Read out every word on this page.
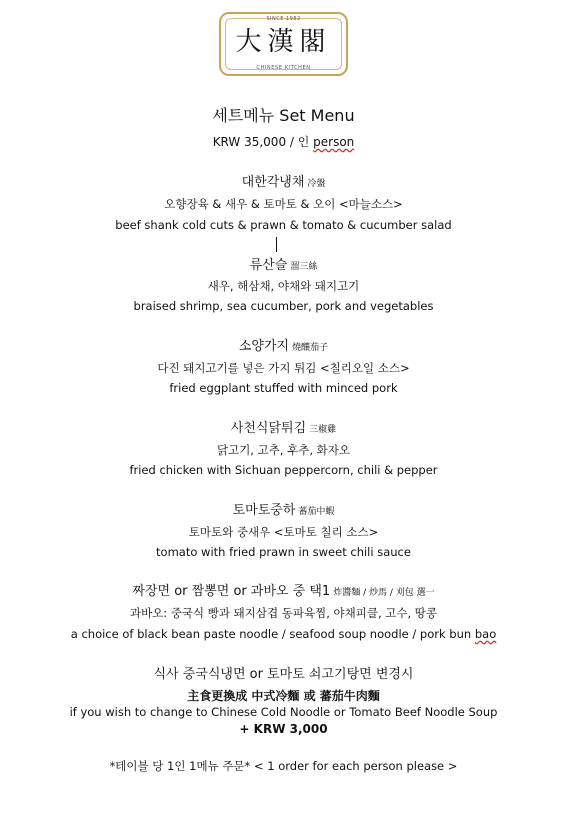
SINCE 1982
大漢閣
CHINESE KITCHEN
세트메뉴 Set Menu
KRW 35,000 / 인 person
대한각냉채 冷盤
오향장육 & 새우 & 토마토 & 오이 <마늘소스>
beef shank cold cuts & prawn & tomato & cucumber salad
류산슬 溜三絲
새우, 해삼채, 야채와 돼지고기
braised shrimp, sea cucumber, pork and vegetables
소양가지 燒釀茄子
다진 돼지고기를 넣은 가지 튀김 <칠리오일 소스>
fried eggplant stuffed with minced pork
사천식닭튀김 三椒雞
닭고기, 고추, 후추, 화자오
fried chicken with Sichuan peppercorn, chili & pepper
토마토중하 蕃茄中蝦
토마토와 중새우 <토마토 칠리 소스>
tomato with fried prawn in sweet chili sauce
짜장면 or 짬뽕면 or 과바오 중 택1 炸醬麵 / 炒馬 / 刈包 選一
과바오: 중국식 빵과 돼지삼겹 동파육찜, 야채피클, 고수, 땅콩
a choice of black bean paste noodle / seafood soup noodle / pork bun bao
식사 중국식냉면 or 토마토 쇠고기탕면 변경시
主食更換成 中式冷麵 或 蕃茄牛肉麵
if you wish to change to Chinese Cold Noodle or Tomato Beef Noodle Soup
+ KRW 3,000
*테이블 당 1인 1메뉴 주문* < 1 order for each person please >
